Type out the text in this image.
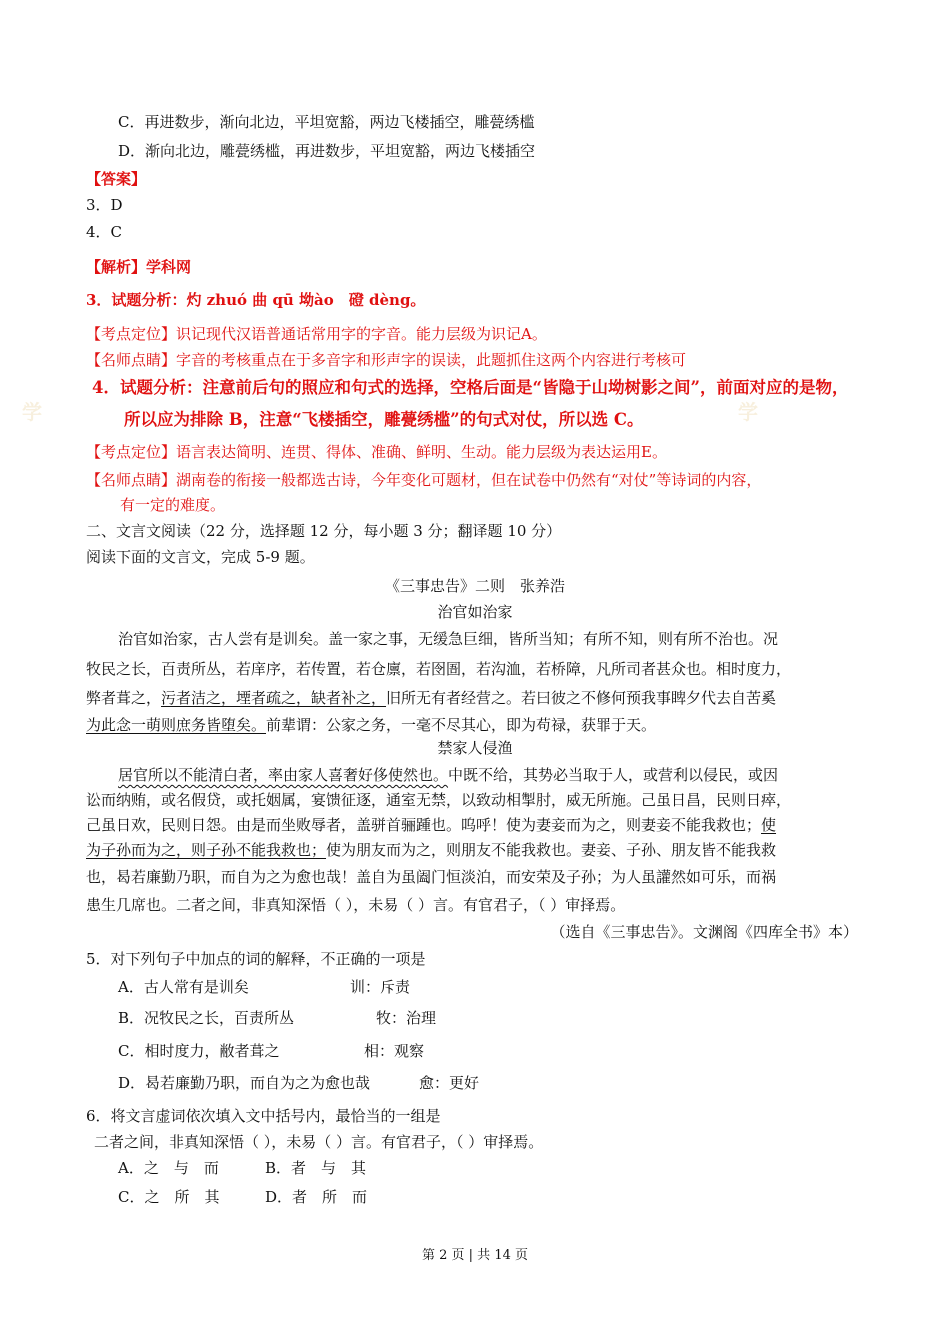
学	学
C．再进数步，渐向北边，平坦宽豁，两边飞楼插空，雕甍绣槛
D．渐向北边，雕甍绣槛，再进数步，平坦宽豁，两边飞楼插空
【答案】
3．D
4．C
【解析】学科网
3．试题分析：灼 zhuó 曲 qū 坳ào　磴 dèng。
【考点定位】识记现代汉语普通话常用字的字音。能力层级为识记A。
【名师点睛】字音的考核重点在于多音字和形声字的误读，此题抓住这两个内容进行考核可
4．试题分析：注意前后句的照应和句式的选择，空格后面是“皆隐于山坳树影之间”，前面对应的是物，
所以应为排除 B，注意“飞楼插空，雕甍绣槛”的句式对仗，所以选 C。
【考点定位】语言表达简明、连贯、得体、准确、鲜明、生动。能力层级为表达运用E。
【名师点睛】湖南卷的衔接一般都选古诗，今年变化可题材，但在试卷中仍然有“对仗”等诗词的内容，
有一定的难度。
二、文言文阅读（22 分，选择题 12 分，每小题 3 分；翻译题 10 分）
阅读下面的文言文，完成 5-9 题。
《三事忠告》二则　张养浩
治官如治家
治官如治家，古人尝有是训矣。盖一家之事，无缓急巨细，皆所当知；有所不知，则有所不治也。况
牧民之长，百责所丛，若庠序，若传置，若仓廪，若囹圄，若沟洫，若桥障，凡所司者甚众也。相时度力，
弊者葺之，污者洁之，堙者疏之，缺者补之，旧所无有者经营之。若曰彼之不修何预我事睥夕代去自苦奚
为此念一萌则庶务皆堕矣。前辈谓：公家之务，一毫不尽其心，即为苟禄，获罪于天。
禁家人侵渔
居官所以不能清白者，率由家人喜奢好侈使然也。中既不给，其势必当取于人，或营利以侵民，或因
讼而纳贿，或名假贷，或托姻属，宴馈征逐，通室无禁，以致动相掣肘，威无所施。己虽日昌，民则日瘁，
己虽日欢，民则日怨。由是而坐败辱者，盖骈首骊踵也。呜呼！使为妻妾而为之，则妻妾不能我救也；使
为子孙而为之，则子孙不能我救也；使为朋友而为之，则朋友不能我救也。妻妾、子孙、朋友皆不能我救
也，曷若廉勤乃职，而自为之为愈也哉！盖自为虽阖门恒淡泊，而安荣及子孙；为人虽讙然如可乐，而祸
患生几席也。二者之间，非真知深悟（ ），未易（ ）言。有官君子，（ ）审择焉。
（选自《三事忠告》。文渊阁《四库全书》本）
5．对下列句子中加点的词的解释，不正确的一项是
A．古人常有是训矣	训：斥责
B．况牧民之长，百责所丛	牧：治理
C．相时度力，敝者葺之	相：观察
D．曷若廉勤乃职，而自为之为愈也哉	愈：更好
6．将文言虚词依次填入文中括号内，最恰当的一组是
二者之间，非真知深悟（ ），未易（ ）言。有官君子，（ ）审择焉。
A．之　与　而	B．者　与　其
C．之　所　其	D．者　所　而
第 2 页 | 共 14 页
